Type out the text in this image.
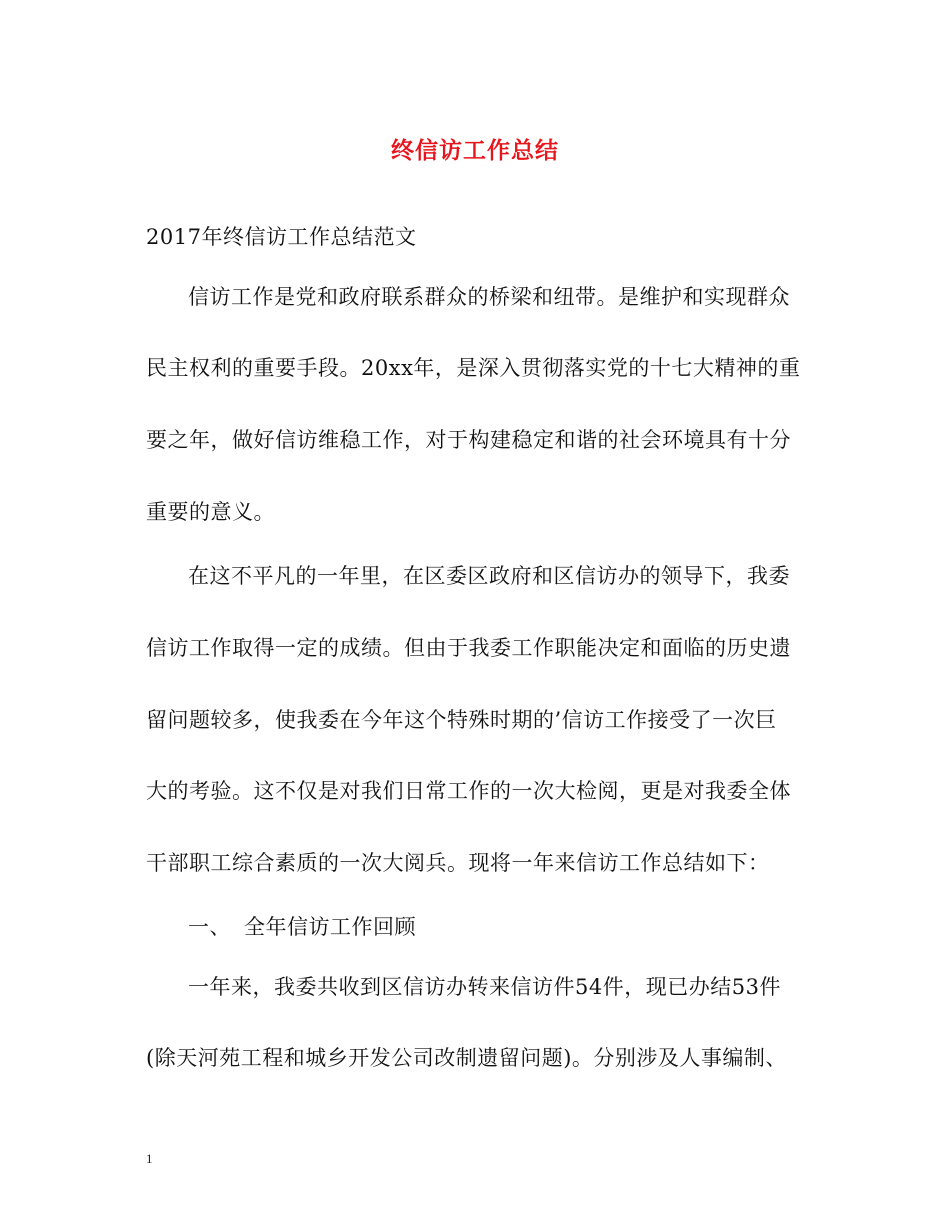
终信访工作总结
2017年终信访工作总结范文
信访工作是党和政府联系群众的桥梁和纽带。是维护和实现群众
民主权利的重要手段。20xx年，是深入贯彻落实党的十七大精神的重
要之年，做好信访维稳工作，对于构建稳定和谐的社会环境具有十分
重要的意义。
在这不平凡的一年里，在区委区政府和区信访办的领导下，我委
信访工作取得一定的成绩。但由于我委工作职能决定和面临的历史遗
留问题较多，使我委在今年这个特殊时期的’信访工作接受了一次巨
大的考验。这不仅是对我们日常工作的一次大检阅，更是对我委全体
干部职工综合素质的一次大阅兵。现将一年来信访工作总结如下：
一、 全年信访工作回顾
一年来，我委共收到区信访办转来信访件54件，现已办结53件
(除天河苑工程和城乡开发公司改制遗留问题)。分别涉及人事编制、
1
